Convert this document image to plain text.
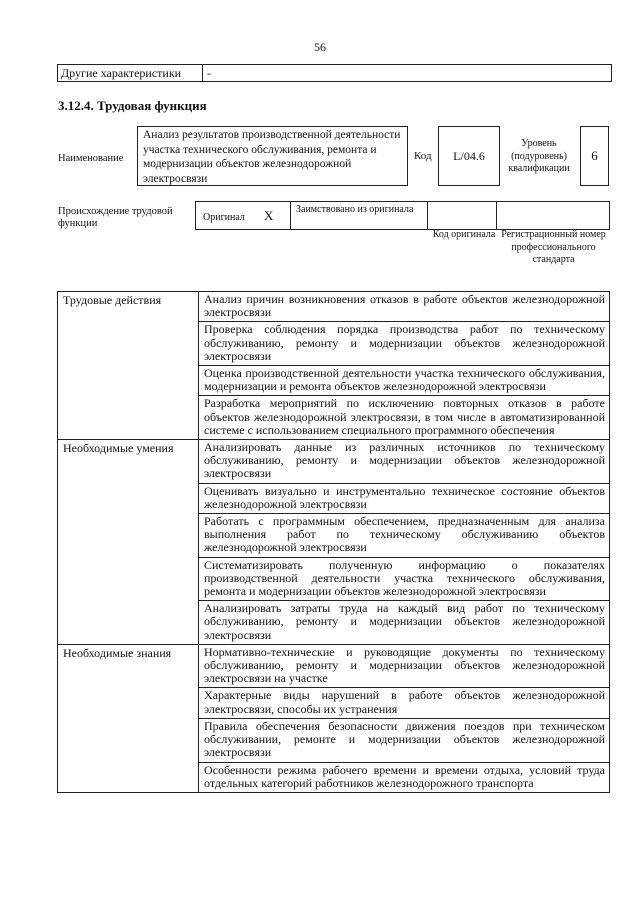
56
Другие характеристики	-
3.12.4. Трудовая функция
Наименование
Анализ результатов производственной деятельности участка технического обслуживания, ремонта и модернизации объектов железнодорожной электросвязи
Код	L/04.6
Уровень (подуровень) квалификации
6
Происхождение трудовой функции
Оригинал X Заимствовано из оригинала
Код оригинала Регистрационный номер профессионального стандарта
Трудовые действия	Анализ причин возникновения отказов в работе объектов железнодорожной электросвязи
	Проверка соблюдения порядка производства работ по техническому обслуживанию, ремонту и модернизации объектов железнодорожной электросвязи
	Оценка производственной деятельности участка технического обслуживания, модернизации и ремонта объектов железнодорожной электросвязи
	Разработка мероприятий по исключению повторных отказов в работе объектов железнодорожной электросвязи, в том числе в автоматизированной системе с использованием специального программного обеспечения
Необходимые умения	Анализировать данные из различных источников по техническому обслуживанию, ремонту и модернизации объектов железнодорожной электросвязи
	Оценивать визуально и инструментально техническое состояние объектов железнодорожной электросвязи
	Работать с программным обеспечением, предназначенным для анализа выполнения работ по техническому обслуживанию объектов железнодорожной электросвязи
	Систематизировать полученную информацию о показателях производственной деятельности участка технического обслуживания, ремонта и модернизации объектов железнодорожной электросвязи
	Анализировать затраты труда на каждый вид работ по техническому обслуживанию, ремонту и модернизации объектов железнодорожной электросвязи
Необходимые знания	Нормативно-технические и руководящие документы по техническому обслуживанию, ремонту и модернизации объектов железнодорожной электросвязи на участке
	Характерные виды нарушений в работе объектов железнодорожной электросвязи, способы их устранения
	Правила обеспечения безопасности движения поездов при техническом обслуживании, ремонте и модернизации объектов железнодорожной электросвязи
	Особенности режима рабочего времени и времени отдыха, условий труда отдельных категорий работников железнодорожного транспорта
